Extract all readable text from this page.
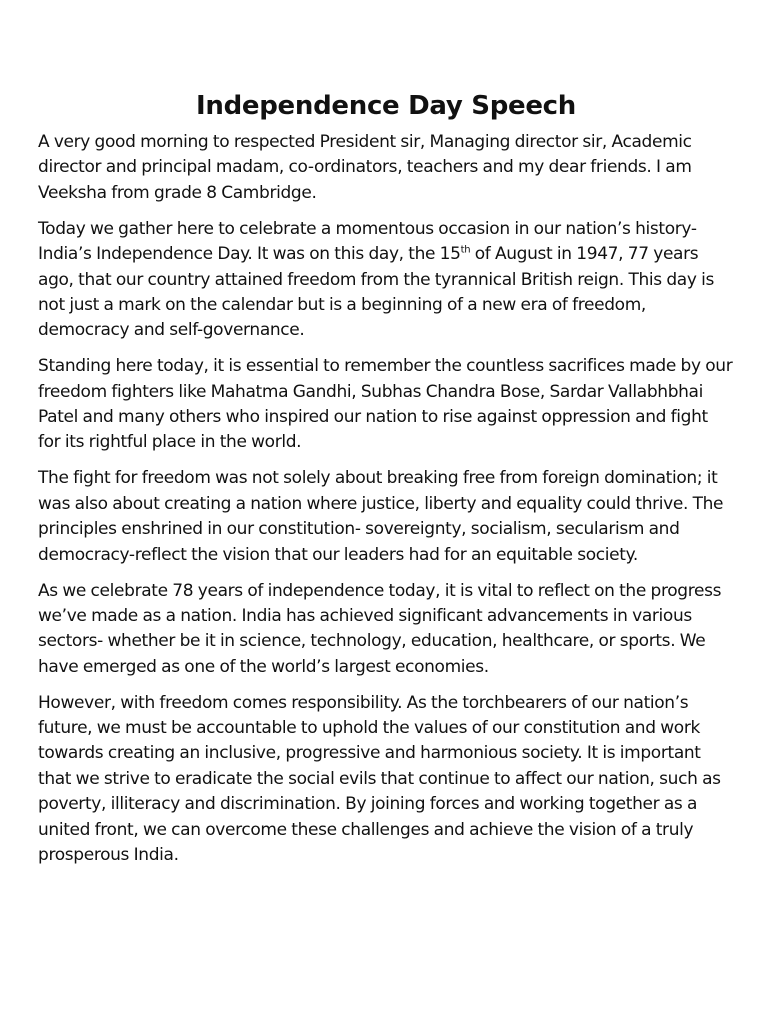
Independence Day Speech

A very good morning to respected President sir, Managing director sir, Academic director and principal madam, co-ordinators, teachers and my dear friends. I am Veeksha from grade 8 Cambridge.

Today we gather here to celebrate a momentous occasion in our nation’s history- India’s Independence Day. It was on this day, the 15th of August in 1947, 77 years ago, that our country attained freedom from the tyrannical British reign. This day is not just a mark on the calendar but is a beginning of a new era of freedom, democracy and self-governance.

Standing here today, it is essential to remember the countless sacrifices made by our freedom fighters like Mahatma Gandhi, Subhas Chandra Bose, Sardar Vallabhbhai Patel and many others who inspired our nation to rise against oppression and fight for its rightful place in the world.

The fight for freedom was not solely about breaking free from foreign domination; it was also about creating a nation where justice, liberty and equality could thrive. The principles enshrined in our constitution- sovereignty, socialism, secularism and democracy-reflect the vision that our leaders had for an equitable society.

As we celebrate 78 years of independence today, it is vital to reflect on the progress we’ve made as a nation. India has achieved significant advancements in various sectors- whether be it in science, technology, education, healthcare, or sports. We have emerged as one of the world’s largest economies.

However, with freedom comes responsibility. As the torchbearers of our nation’s future, we must be accountable to uphold the values of our constitution and work towards creating an inclusive, progressive and harmonious society. It is important that we strive to eradicate the social evils that continue to affect our nation, such as poverty, illiteracy and discrimination. By joining forces and working together as a united front, we can overcome these challenges and achieve the vision of a truly prosperous India.
